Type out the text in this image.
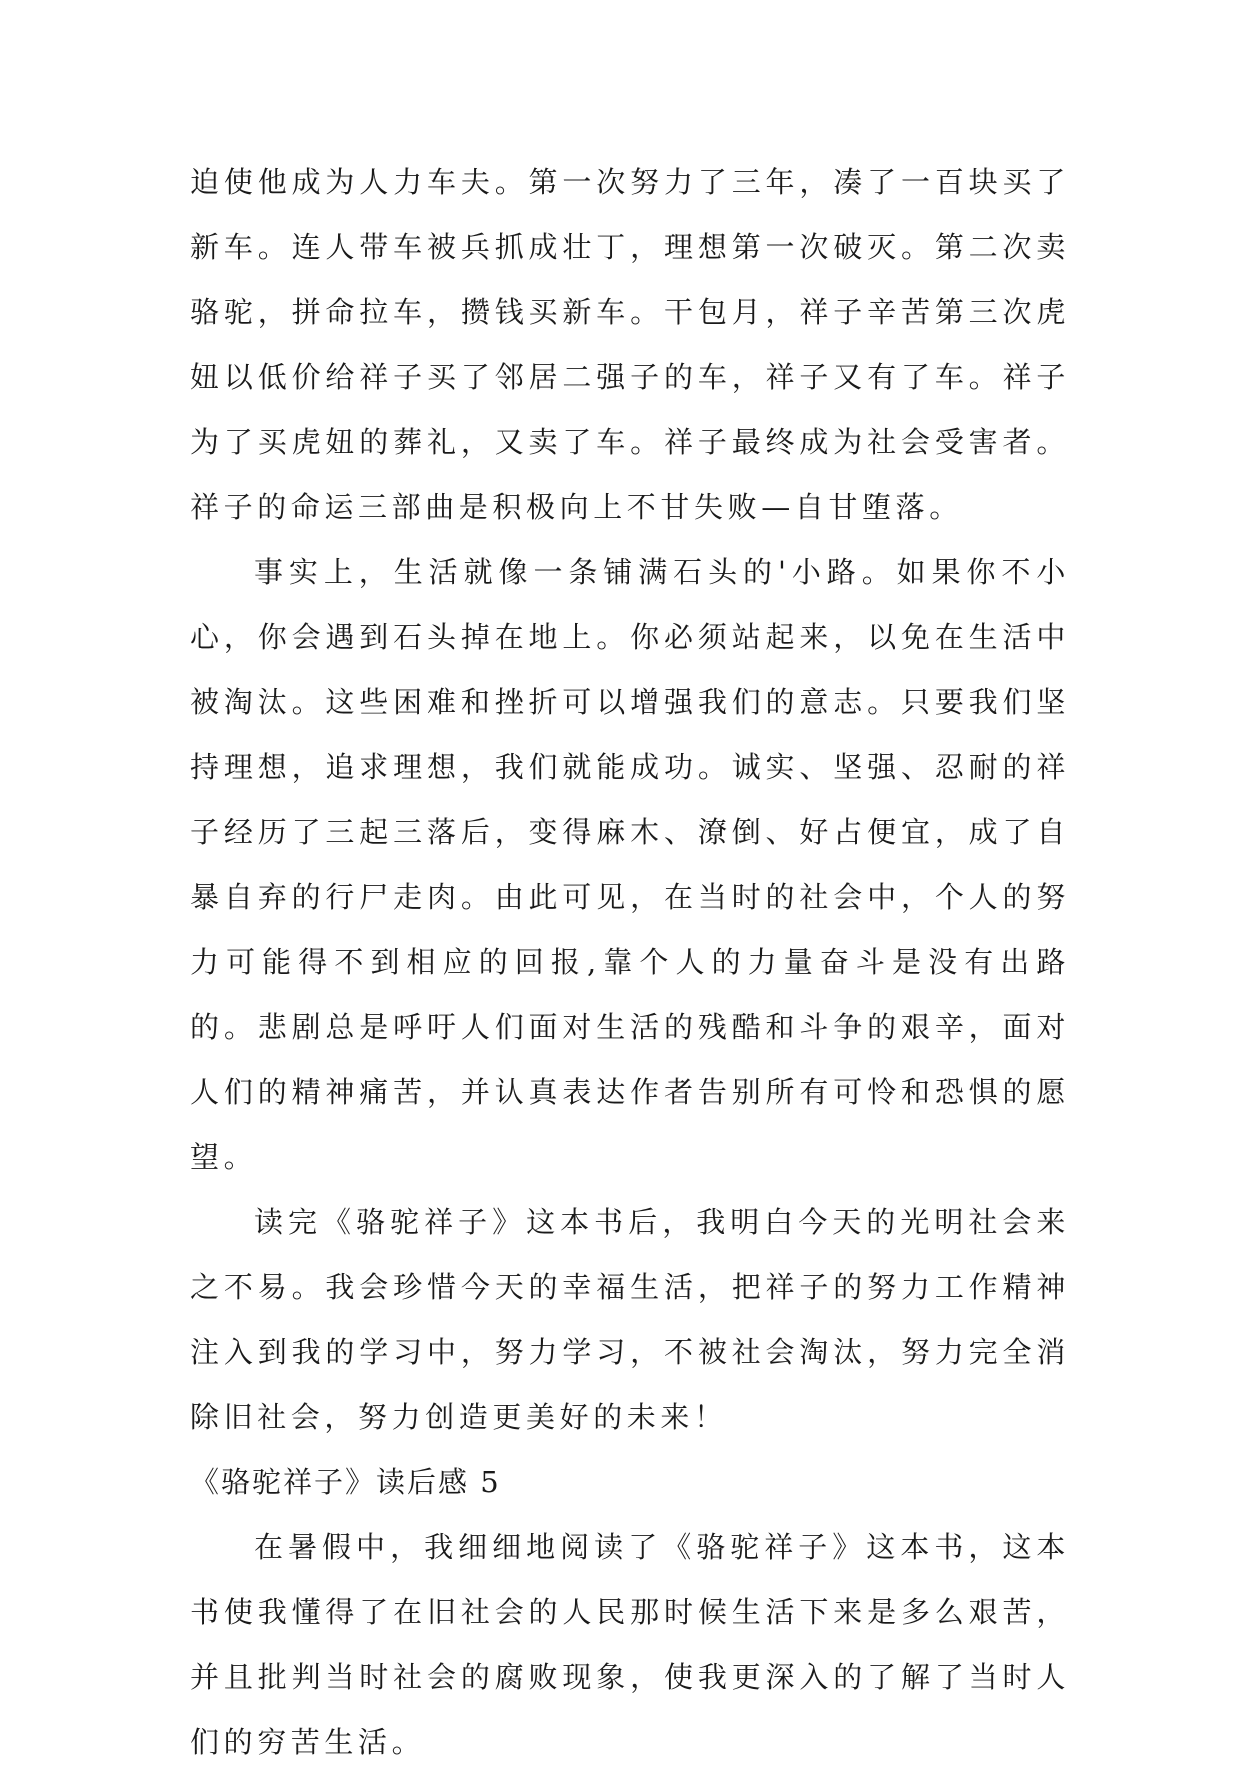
迫使他成为人力车夫。第一次努力了三年，凑了一百块买了新车。连人带车被兵抓成壮丁，理想第一次破灭。第二次卖骆驼，拼命拉车，攒钱买新车。干包月，祥子辛苦第三次虎妞以低价给祥子买了邻居二强子的车，祥子又有了车。祥子为了买虎妞的葬礼，又卖了车。祥子最终成为社会受害者。祥子的命运三部曲是积极向上不甘失败—自甘堕落。

事实上，生活就像一条铺满石头的'小路。如果你不小心，你会遇到石头掉在地上。你必须站起来，以免在生活中被淘汰。这些困难和挫折可以增强我们的意志。只要我们坚持理想，追求理想，我们就能成功。诚实、坚强、忍耐的祥子经历了三起三落后，变得麻木、潦倒、好占便宜，成了自暴自弃的行尸走肉。由此可见，在当时的社会中，个人的努力可能得不到相应的回报,靠个人的力量奋斗是没有出路的。悲剧总是呼吁人们面对生活的残酷和斗争的艰辛，面对人们的精神痛苦，并认真表达作者告别所有可怜和恐惧的愿望。

读完《骆驼祥子》这本书后，我明白今天的光明社会来之不易。我会珍惜今天的幸福生活，把祥子的努力工作精神注入到我的学习中，努力学习，不被社会淘汰，努力完全消除旧社会，努力创造更美好的未来！

《骆驼祥子》读后感 5

在暑假中，我细细地阅读了《骆驼祥子》这本书，这本书使我懂得了在旧社会的人民那时候生活下来是多么艰苦，并且批判当时社会的腐败现象，使我更深入的了解了当时人们的穷苦生活。
